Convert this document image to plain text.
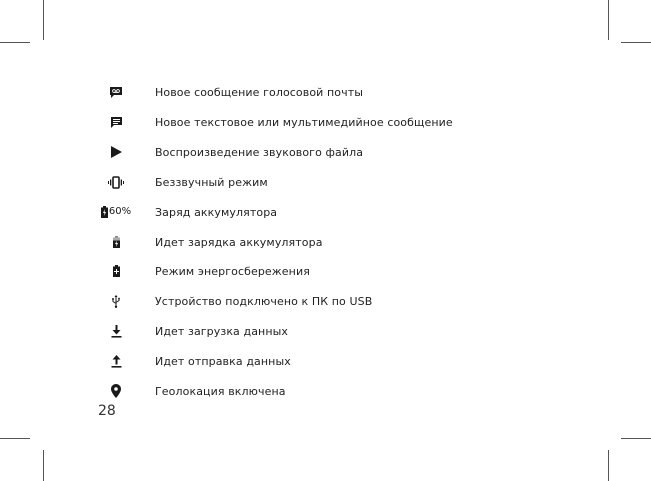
Новое сообщение голосовой почты
Новое текстовое или мультимедийное сообщение
Воспроизведение звукового файла
Беззвучный режим
60% Заряд аккумулятора
Идет зарядка аккумулятора
Режим энергосбережения
Устройство подключено к ПК по USB
Идет загрузка данных
Идет отправка данных
Геолокация включена
28
